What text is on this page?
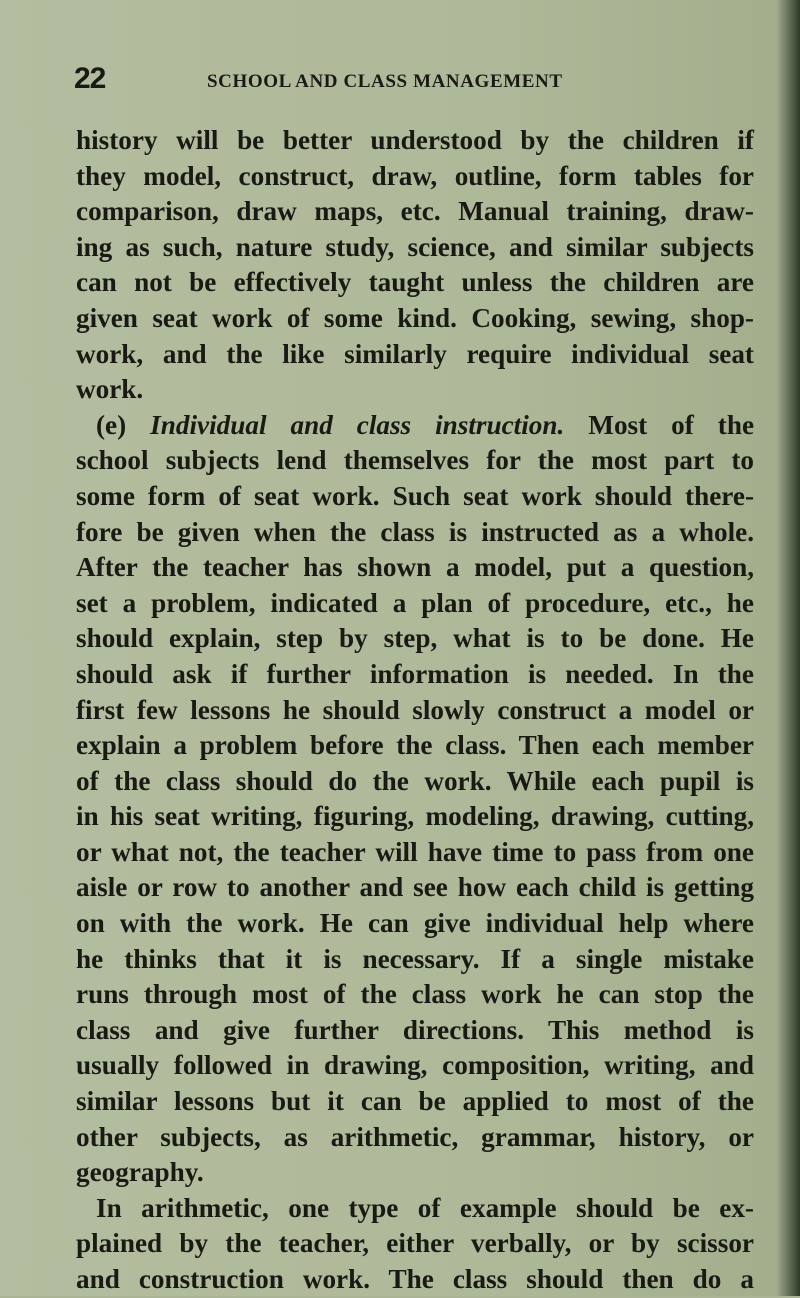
22	SCHOOL AND CLASS MANAGEMENT
history will be better understood by the children if
they model, construct, draw, outline, form tables for
comparison, draw maps, etc. Manual training, draw-
ing as such, nature study, science, and similar subjects
can not be effectively taught unless the children are
given seat work of some kind. Cooking, sewing, shop-
work, and the like similarly require individual seat
work.
(e) Individual and class instruction. Most of the
school subjects lend themselves for the most part to
some form of seat work. Such seat work should there-
fore be given when the class is instructed as a whole.
After the teacher has shown a model, put a question,
set a problem, indicated a plan of procedure, etc., he
should explain, step by step, what is to be done. He
should ask if further information is needed. In the
first few lessons he should slowly construct a model or
explain a problem before the class. Then each member
of the class should do the work. While each pupil is
in his seat writing, figuring, modeling, drawing, cutting,
or what not, the teacher will have time to pass from one
aisle or row to another and see how each child is getting
on with the work. He can give individual help where
he thinks that it is necessary. If a single mistake
runs through most of the class work he can stop the
class and give further directions. This method is
usually followed in drawing, composition, writing, and
similar lessons but it can be applied to most of the
other subjects, as arithmetic, grammar, history, or
geography.
In arithmetic, one type of example should be ex-
plained by the teacher, either verbally, or by scissor
and construction work. The class should then do a
